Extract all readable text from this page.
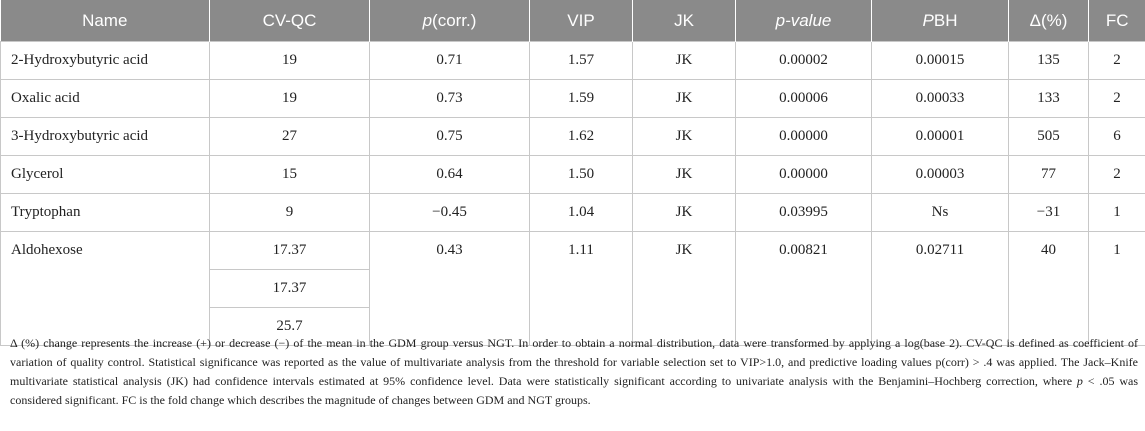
Name	CV-QC	p(corr.)	VIP	JK	p-value	PBH	Δ(%)	FC
2-Hydroxybutyric acid	19	0.71	1.57	JK	0.00002	0.00015	135	2
Oxalic acid	19	0.73	1.59	JK	0.00006	0.00033	133	2
3-Hydroxybutyric acid	27	0.75	1.62	JK	0.00000	0.00001	505	6
Glycerol	15	0.64	1.50	JK	0.00000	0.00003	77	2
Tryptophan	9	−0.45	1.04	JK	0.03995	Ns	−31	1
Aldohexose	17.37	0.43	1.11	JK	0.00821	0.02711	40	1
	17.37							
	25.7							
Δ (%) change represents the increase (+) or decrease (−) of the mean in the GDM group versus NGT. In order to obtain a normal distribution, data were transformed by applying a log(base 2). CV-QC is defined as coefficient of variation of quality control. Statistical significance was reported as the value of multivariate analysis from the threshold for variable selection set to VIP>1.0, and predictive loading values p(corr) > .4 was applied. The Jack–Knife multivariate statistical analysis (JK) had confidence intervals estimated at 95% confidence level. Data were statistically significant according to univariate analysis with the Benjamini–Hochberg correction, where p < .05 was considered significant. FC is the fold change which describes the magnitude of changes between GDM and NGT groups.
